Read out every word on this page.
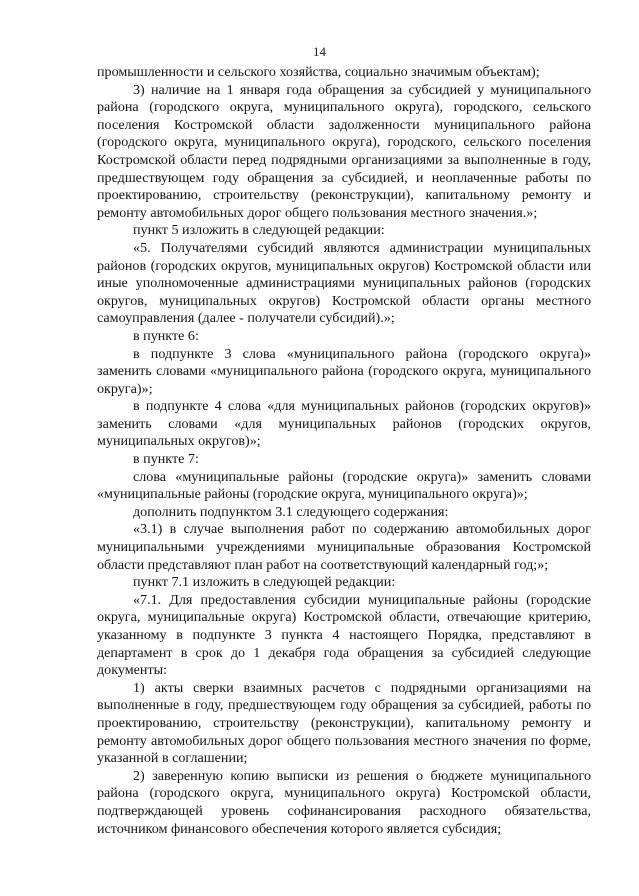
14

промышленности и сельского хозяйства, социально значимым объектам);

3) наличие на 1 января года обращения за субсидией у муниципального района (городского округа, муниципального округа), городского, сельского поселения Костромской области задолженности муниципального района (городского округа, муниципального округа), городского, сельского поселения Костромской области перед подрядными организациями за выполненные в году, предшествующем году обращения за субсидией, и неоплаченные работы по проектированию, строительству (реконструкции), капитальному ремонту и ремонту автомобильных дорог общего пользования местного значения.»;

пункт 5 изложить в следующей редакции:

«5. Получателями субсидий являются администрации муниципальных районов (городских округов, муниципальных округов) Костромской области или иные уполномоченные администрациями муниципальных районов (городских округов, муниципальных округов) Костромской области органы местного самоуправления (далее - получатели субсидий).»;

в пункте 6:

в подпункте 3 слова «муниципального района (городского округа)» заменить словами «муниципального района (городского округа, муниципального округа)»;

в подпункте 4 слова «для муниципальных районов (городских округов)» заменить словами «для муниципальных районов (городских округов, муниципальных округов)»;

в пункте 7:

слова «муниципальные районы (городские округа)» заменить словами «муниципальные районы (городские округа, муниципального округа)»;

дополнить подпунктом 3.1 следующего содержания:

«3.1) в случае выполнения работ по содержанию автомобильных дорог муниципальными учреждениями муниципальные образования Костромской области представляют план работ на соответствующий календарный год;»;

пункт 7.1 изложить в следующей редакции:

«7.1. Для предоставления субсидии муниципальные районы (городские округа, муниципальные округа) Костромской области, отвечающие критерию, указанному в подпункте 3 пункта 4 настоящего Порядка, представляют в департамент в срок до 1 декабря года обращения за субсидией следующие документы:

1) акты сверки взаимных расчетов с подрядными организациями на выполненные в году, предшествующем году обращения за субсидией, работы по проектированию, строительству (реконструкции), капитальному ремонту и ремонту автомобильных дорог общего пользования местного значения по форме, указанной в соглашении;

2) заверенную копию выписки из решения о бюджете муниципального района (городского округа, муниципального округа) Костромской области, подтверждающей уровень софинансирования расходного обязательства, источником финансового обеспечения которого является субсидия;
